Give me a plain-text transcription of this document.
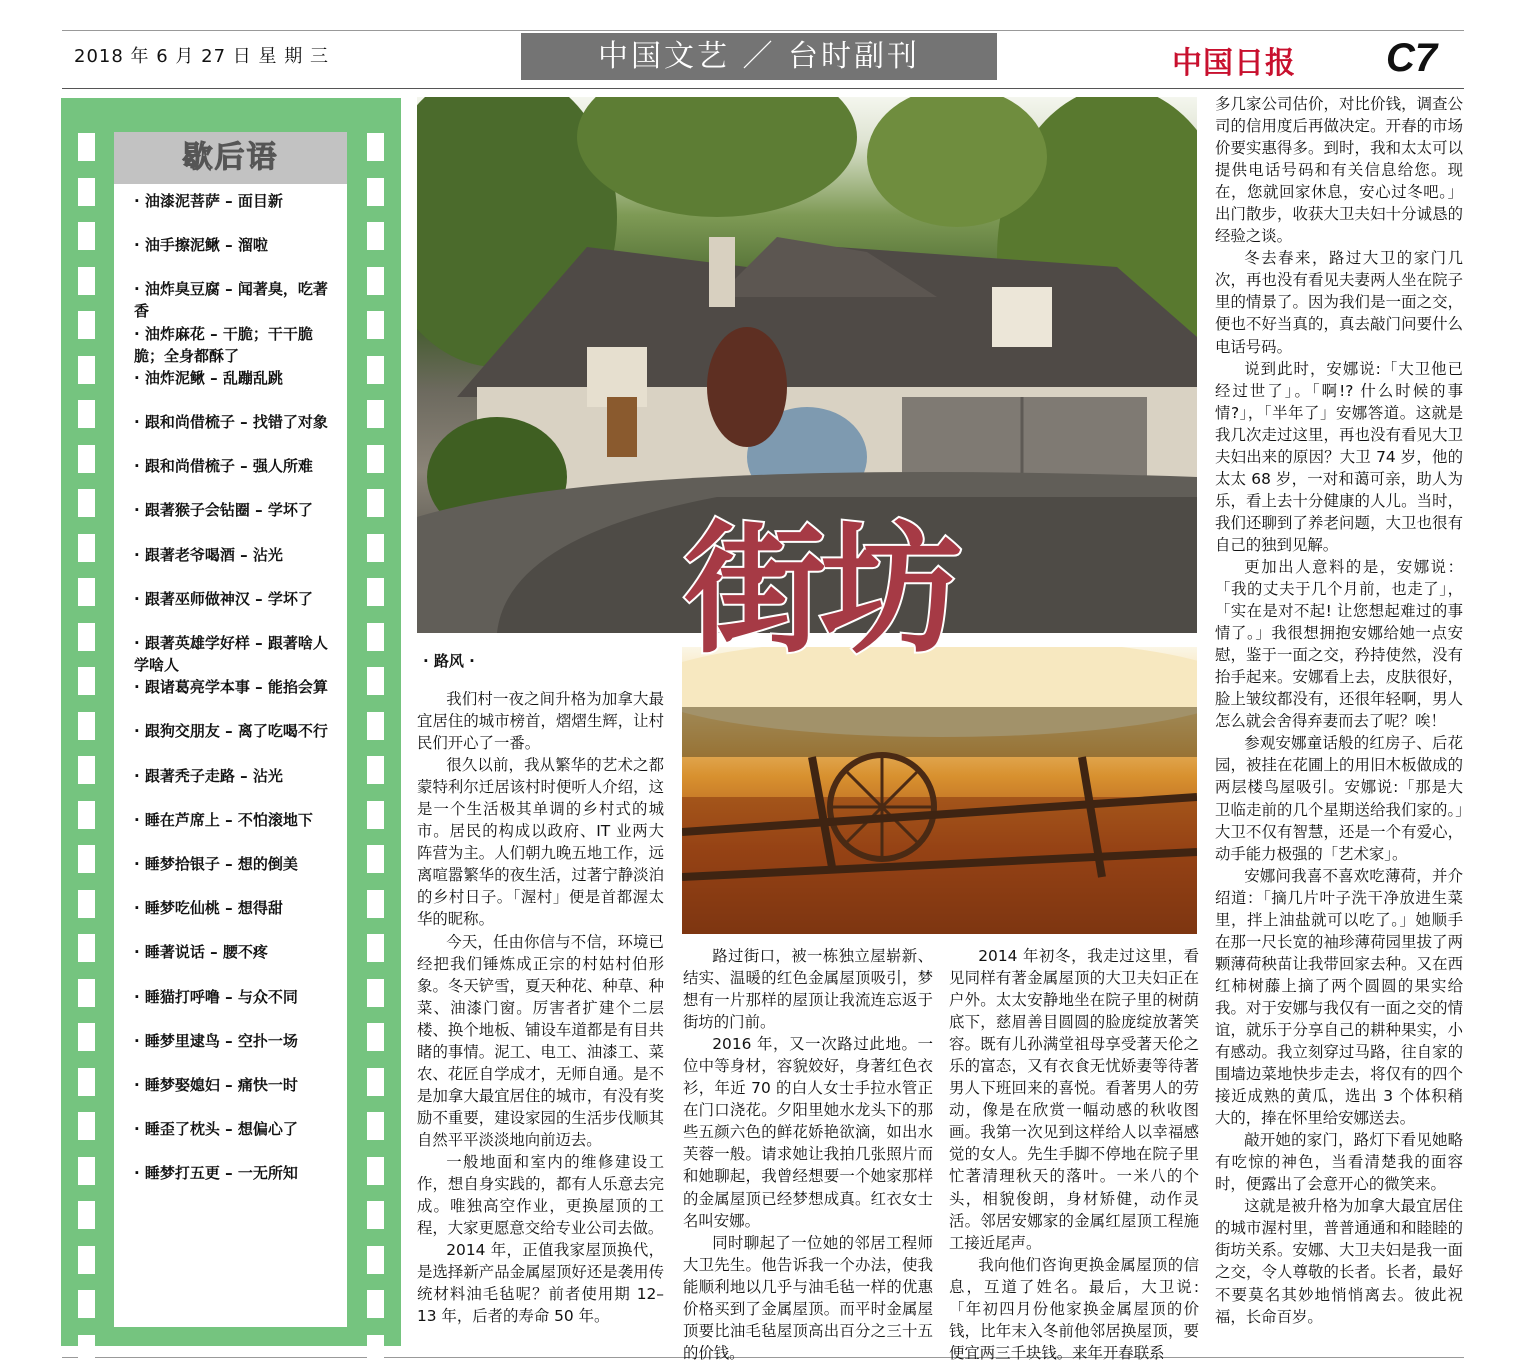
2018 年 6 月 27 日 星 期 三	中国文艺 ／ 台时副刊	中国日报 C7
歇后语
· 油漆泥菩萨 – 面目新
· 油手擦泥鳅 – 溜啦
· 油炸臭豆腐 – 闻著臭，吃著香
· 油炸麻花 – 干脆；干干脆脆；全身都酥了
· 油炸泥鳅 – 乱蹦乱跳
· 跟和尚借梳子 – 找错了对象
· 跟和尚借梳子 – 强人所难
· 跟著猴子会钻圈 – 学坏了
· 跟著老爷喝酒 – 沾光
· 跟著巫师做神汉 – 学坏了
· 跟著英雄学好样 – 跟著啥人学啥人
· 跟诸葛亮学本事 – 能掐会算
· 跟狗交朋友 – 离了吃喝不行
· 跟著秃子走路 – 沾光
· 睡在芦席上 – 不怕滚地下
· 睡梦拾银子 – 想的倒美
· 睡梦吃仙桃 – 想得甜
· 睡著说话 – 腰不疼
· 睡猫打呼噜 – 与众不同
· 睡梦里逮鸟 – 空扑一场
· 睡梦娶媳妇 – 痛快一时
· 睡歪了枕头 – 想偏心了
· 睡梦打五更 – 一无所知
街坊
· 路风 ·

我们村一夜之间升格为加拿大最宜居住的城市榜首，熠熠生辉，让村民们开心了一番。

很久以前，我从繁华的艺术之都蒙特利尔迁居该村时便听人介绍，这是一个生活极其单调的乡村式的城市。居民的构成以政府、IT 业两大阵营为主。人们朝九晚五地工作，远离喧嚣繁华的夜生活，过著宁静淡泊的乡村日子。「渥村」便是首都渥太华的昵称。

今天，任由你信与不信，环境已经把我们锤炼成正宗的村姑村伯形象。冬天铲雪，夏天种花、种草、种菜、油漆门窗。厉害者扩建个二层楼、换个地板、铺设车道都是有目共睹的事情。泥工、电工、油漆工、菜农、花匠自学成才，无师自通。是不是加拿大最宜居住的城市，有没有奖励不重要，建设家园的生活步伐顺其自然平平淡淡地向前迈去。

一般地面和室内的维修建设工作，想自身实践的，都有人乐意去完成。唯独高空作业，更换屋顶的工程，大家更愿意交给专业公司去做。

2014 年，正值我家屋顶换代，是选择新产品金属屋顶好还是袭用传统材料油毛毡呢？前者使用期 12–13 年，后者的寿命 50 年。

路过街口，被一栋独立屋崭新、结实、温暖的红色金属屋顶吸引，梦想有一片那样的屋顶让我流连忘返于街坊的门前。

2016 年，又一次路过此地。一位中等身材，容貌姣好，身著红色衣衫，年近 70 的白人女士手拉水管正在门口浇花。夕阳里她水龙头下的那些五颜六色的鲜花娇艳欲滴，如出水芙蓉一般。请求她让我拍几张照片而和她聊起，我曾经想要一个她家那样的金属屋顶已经梦想成真。红衣女士名叫安娜。

同时聊起了一位她的邻居工程师大卫先生。他告诉我一个办法，使我能顺利地以几乎与油毛毡一样的优惠价格买到了金属屋顶。而平时金属屋顶要比油毛毡屋顶高出百分之三十五的价钱。

2014 年初冬，我走过这里，看见同样有著金属屋顶的大卫夫妇正在户外。太太安静地坐在院子里的树荫底下，慈眉善目圆圆的脸庞绽放著笑容。既有儿孙满堂祖母享受著天伦之乐的富态，又有衣食无忧娇妻等待著男人下班回来的喜悦。看著男人的劳动，像是在欣赏一幅动感的秋收图画。我第一次见到这样给人以幸福感觉的女人。先生手脚不停地在院子里忙著清理秋天的落叶。一米八的个头，相貌俊朗，身材矫健，动作灵活。邻居安娜家的金属红屋顶工程施工接近尾声。

我向他们咨询更换金属屋顶的信息，互道了姓名。最后，大卫说:「年初四月份他家换金属屋顶的价钱，比年末入冬前他邻居换屋顶，要便宜两三千块钱。来年开春联系

多几家公司估价，对比价钱，调查公司的信用度后再做决定。开春的市场价要实惠得多。到时，我和太太可以提供电话号码和有关信息给您。现在，您就回家休息，安心过冬吧。」出门散步，收获大卫夫妇十分诚恳的经验之谈。

冬去春来，路过大卫的家门几次，再也没有看见夫妻两人坐在院子里的情景了。因为我们是一面之交，便也不好当真的，真去敲门问要什么电话号码。

说到此时，安娜说:「大卫他已经过世了」。「啊!? 什么时候的事情?」，「半年了」安娜答道。这就是我几次走过这里，再也没有看见大卫夫妇出来的原因？大卫 74 岁，他的太太 68 岁，一对和蔼可亲，助人为乐，看上去十分健康的人儿。当时，我们还聊到了养老问题，大卫也很有自己的独到见解。

更加出人意料的是，安娜说：「我的丈夫于几个月前，也走了」，「实在是对不起! 让您想起难过的事情了。」我很想拥抱安娜给她一点安慰，鉴于一面之交，矜持使然，没有抬手起来。安娜看上去，皮肤很好，脸上皱纹都没有，还很年轻啊，男人怎么就会舍得弃妻而去了呢？唉！

参观安娜童话般的红房子、后花园，被挂在花圃上的用旧木板做成的两层楼鸟屋吸引。安娜说:「那是大卫临走前的几个星期送给我们家的。」大卫不仅有智慧，还是一个有爱心，动手能力极强的「艺术家」。

安娜问我喜不喜欢吃薄荷，并介绍道：「摘几片叶子洗干净放进生菜里，拌上油盐就可以吃了。」她顺手在那一尺长宽的袖珍薄荷园里拔了两颗薄荷秧苗让我带回家去种。又在西红柿树藤上摘了两个圆圆的果实给我。对于安娜与我仅有一面之交的情谊，就乐于分享自己的耕种果实，小有感动。我立刻穿过马路，往自家的围墙边菜地快步走去，将仅有的四个接近成熟的黄瓜，选出 3 个体积稍大的，捧在怀里给安娜送去。

敲开她的家门，路灯下看见她略有吃惊的神色，当看清楚我的面容时，便露出了会意开心的微笑来。

这就是被升格为加拿大最宜居住的城市渥村里，普普通通和和睦睦的街坊关系。安娜、大卫夫妇是我一面之交，令人尊敬的长者。长者，最好不要莫名其妙地悄悄离去。彼此祝福，长命百岁。
